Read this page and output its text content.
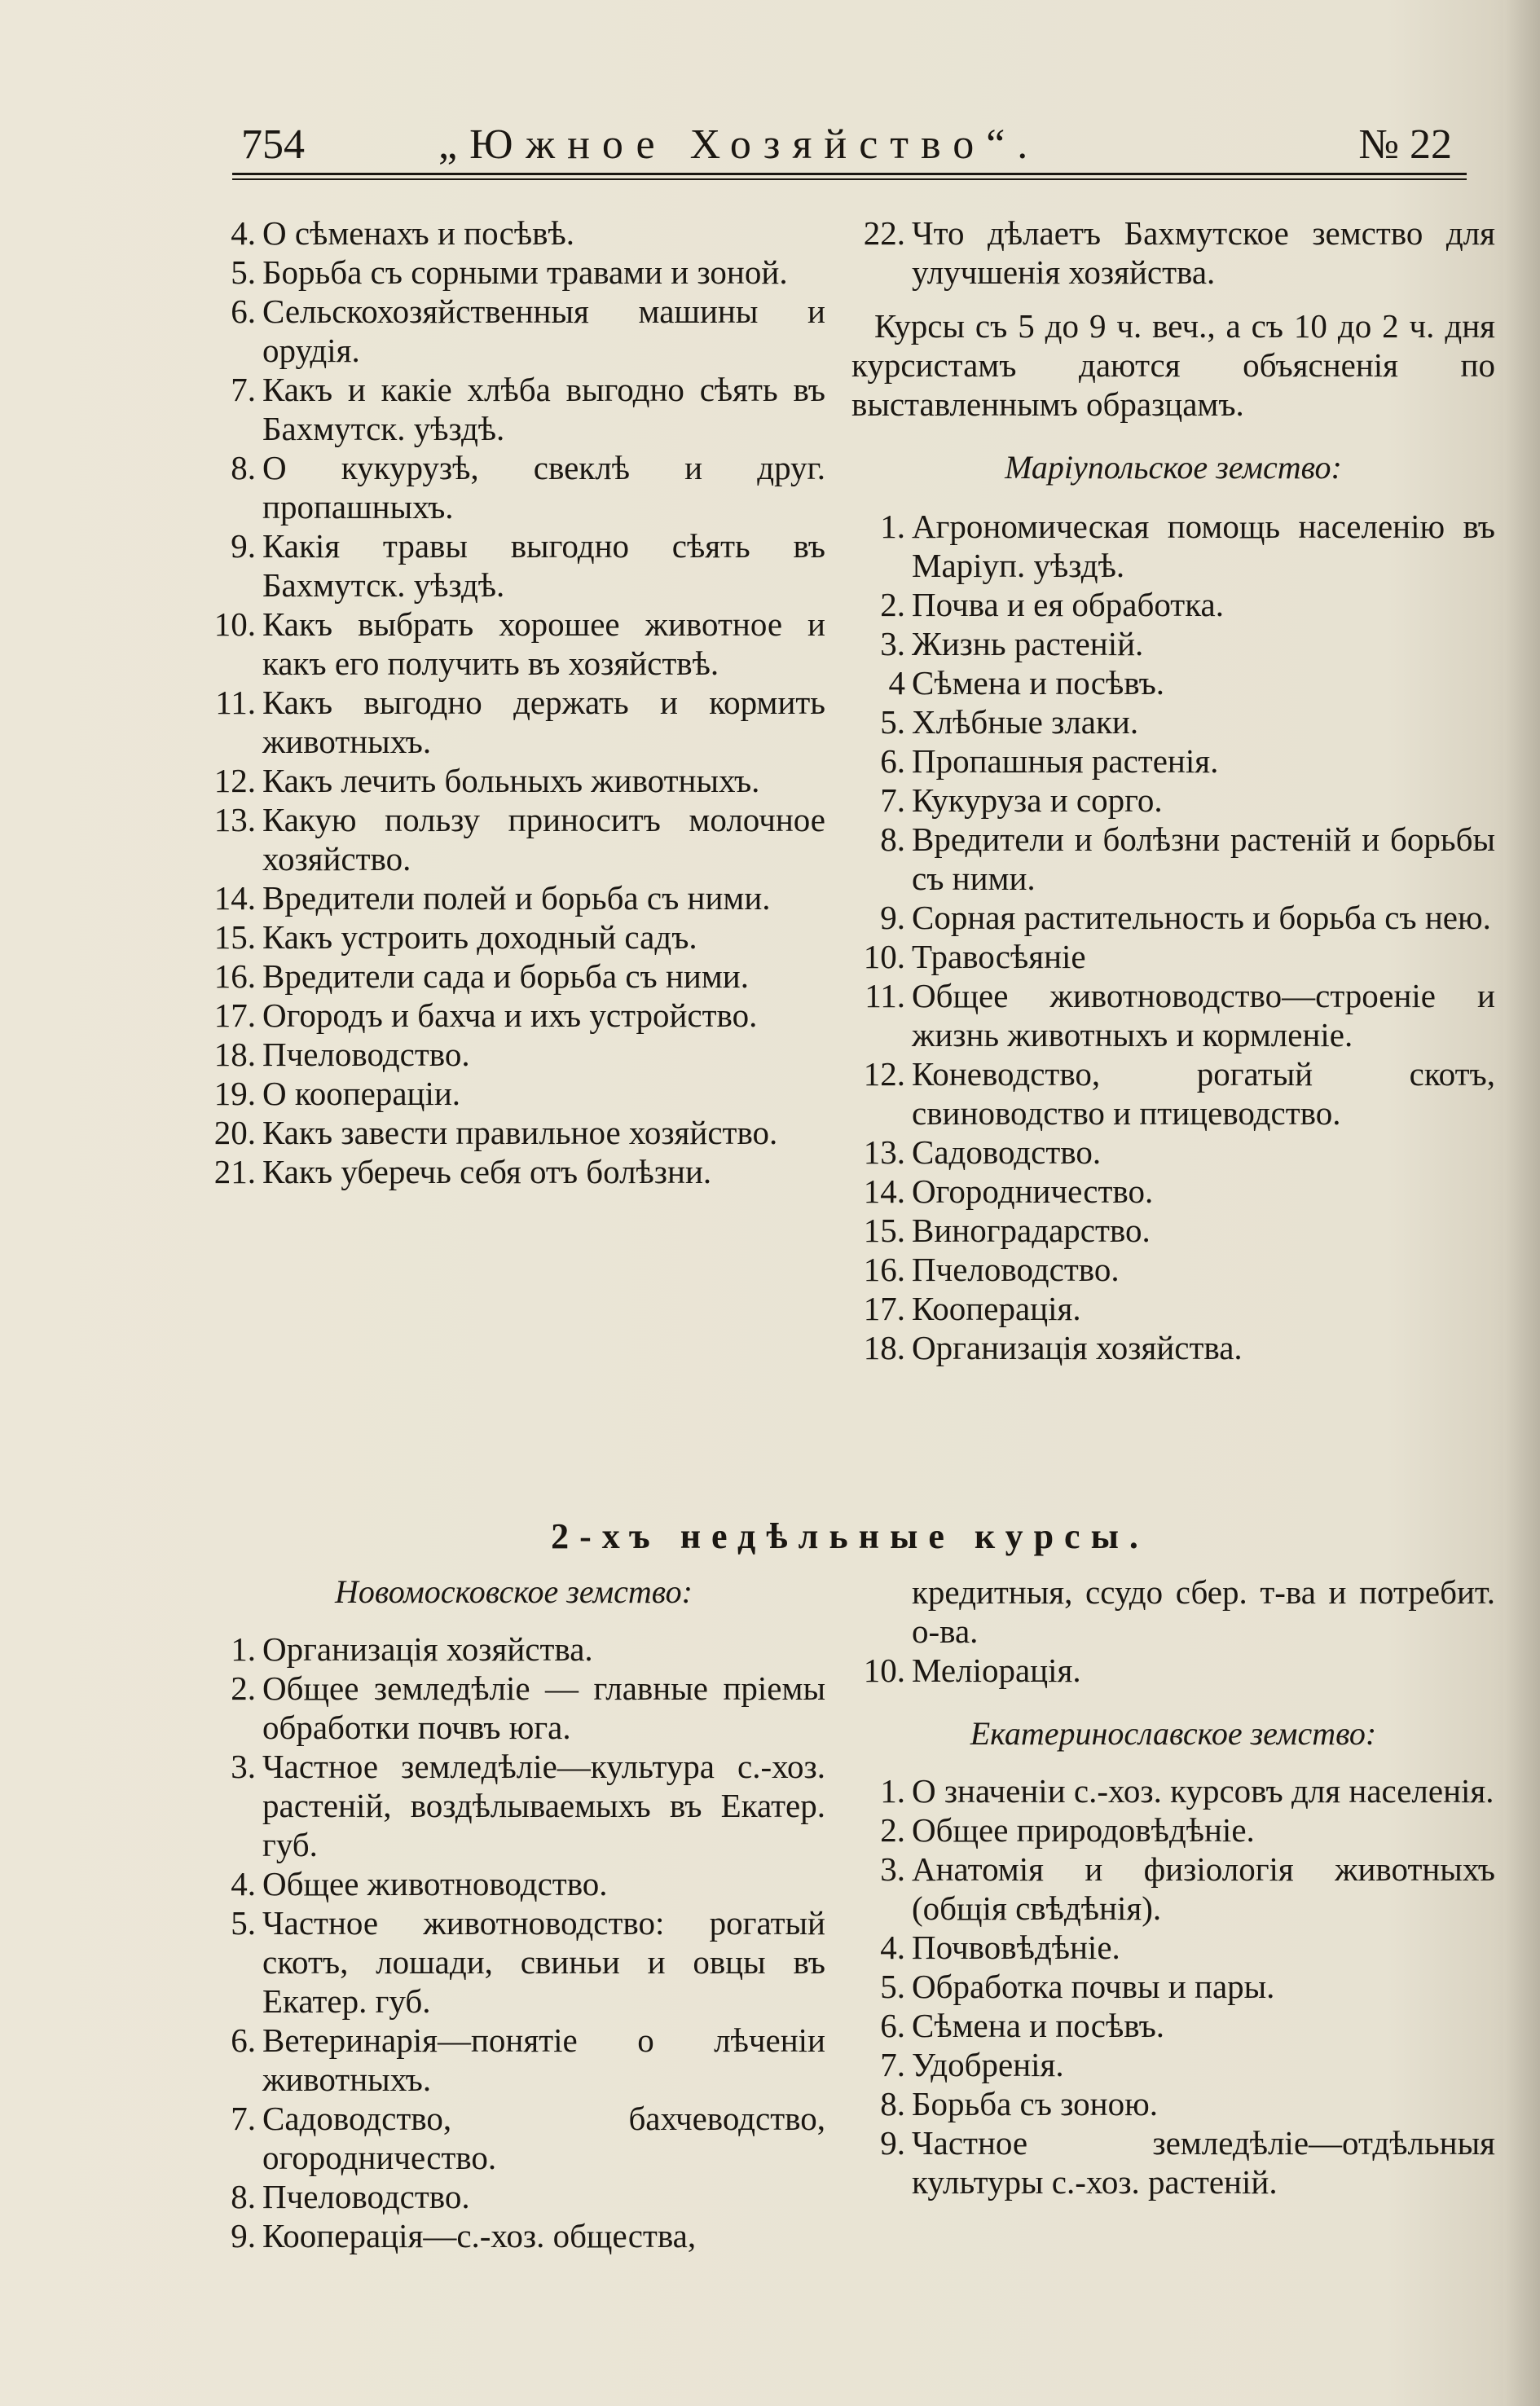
754	„Южное Хозяйство“.	№ 22
4. О сѣменахъ и посѣвѣ.
5. Борьба съ сорными травами и зоной.
6. Сельскохозяйственныя машины и орудія.
7. Какъ и какіе хлѣба выгодно сѣять въ Бахмутск. уѣздѣ.
8. О кукурузѣ, свеклѣ и друг. пропашныхъ.
9. Какія травы выгодно сѣять въ Бахмутск. уѣздѣ.
10. Какъ выбрать хорошее животное и какъ его получить въ хозяйствѣ.
11. Какъ выгодно держать и кормить животныхъ.
12. Какъ лечить больныхъ животныхъ.
13. Какую пользу приноситъ молочное хозяйство.
14. Вредители полей и борьба съ ними.
15. Какъ устроить доходный садъ.
16. Вредители сада и борьба съ ними.
17. Огородъ и бахча и ихъ устройство.
18. Пчеловодство.
19. О коопераціи.
20. Какъ завести правильное хозяйство.
21. Какъ уберечь себя отъ болѣзни.
22. Что дѣлаетъ Бахмутское земство для улучшенія хозяйства.
Курсы съ 5 до 9 ч. веч., а съ 10 до 2 ч. дня курсистамъ даются объясненія по выставленнымъ образцамъ.
Маріупольское земство:
1. Агрономическая помощь населенію въ Маріуп. уѣздѣ.
2. Почва и ея обработка.
3. Жизнь растеній.
4 Сѣмена и посѣвъ.
5. Хлѣбные злаки.
6. Пропашныя растенія.
7. Кукуруза и сорго.
8. Вредители и болѣзни растеній и борьбы съ ними.
9. Сорная растительность и борьба съ нею.
10. Травосѣяніе
11. Общее животноводство—строеніе и жизнь животныхъ и кормленіе.
12. Коневодство, рогатый скотъ, свиноводство и птицеводство.
13. Садоводство.
14. Огородничество.
15. Виноградарство.
16. Пчеловодство.
17. Кооперація.
18. Организація хозяйства.
2-хъ недѣльные курсы.
Новомосковское земство:
1. Организація хозяйства.
2. Общее земледѣліе — главные пріемы обработки почвъ юга.
3. Частное земледѣліе—культура с.-хоз. растеній, воздѣлываемыхъ въ Екатер. губ.
4. Общее животноводство.
5. Частное животноводство: рогатый скотъ, лошади, свиньи и овцы въ Екатер. губ.
6. Ветеринарія—понятіе о лѣченіи животныхъ.
7. Садоводство, бахчеводство, огородничество.
8. Пчеловодство.
9. Кооперація—с.-хоз. общества,
кредитныя, ссудо сбер. т-ва и потребит. о-ва.
10. Меліорація.
Екатеринославское земство:
1. О значеніи с.-хоз. курсовъ для населенія.
2. Общее природовѣдѣніе.
3. Анатомія и физіологія животныхъ (общія свѣдѣнія).
4. Почвовѣдѣніе.
5. Обработка почвы и пары.
6. Сѣмена и посѣвъ.
7. Удобренія.
8. Борьба съ зоною.
9. Частное земледѣліе—отдѣльныя культуры с.-хоз. растеній.
